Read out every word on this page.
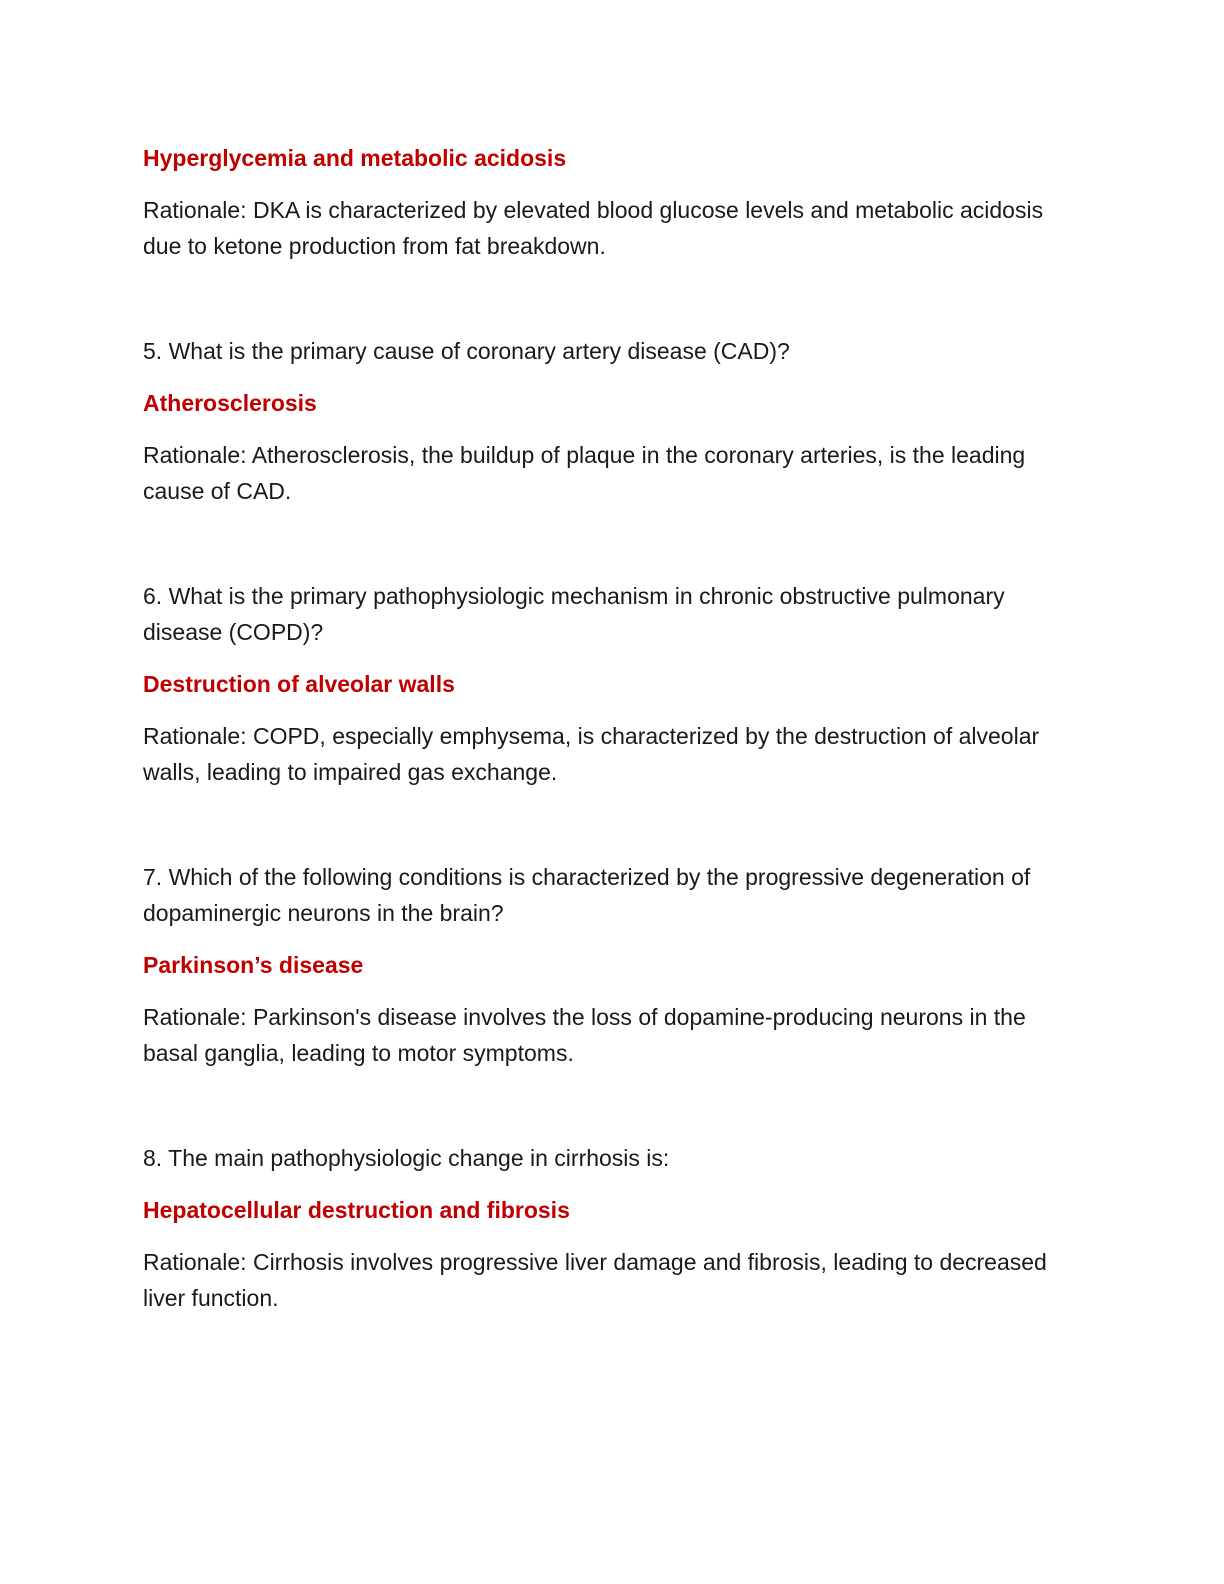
Hyperglycemia and metabolic acidosis

Rationale: DKA is characterized by elevated blood glucose levels and metabolic acidosis due to ketone production from fat breakdown.

5. What is the primary cause of coronary artery disease (CAD)?

Atherosclerosis

Rationale: Atherosclerosis, the buildup of plaque in the coronary arteries, is the leading cause of CAD.

6. What is the primary pathophysiologic mechanism in chronic obstructive pulmonary disease (COPD)?

Destruction of alveolar walls

Rationale: COPD, especially emphysema, is characterized by the destruction of alveolar walls, leading to impaired gas exchange.

7. Which of the following conditions is characterized by the progressive degeneration of dopaminergic neurons in the brain?

Parkinson’s disease

Rationale: Parkinson's disease involves the loss of dopamine-producing neurons in the basal ganglia, leading to motor symptoms.

8. The main pathophysiologic change in cirrhosis is:

Hepatocellular destruction and fibrosis

Rationale: Cirrhosis involves progressive liver damage and fibrosis, leading to decreased liver function.
